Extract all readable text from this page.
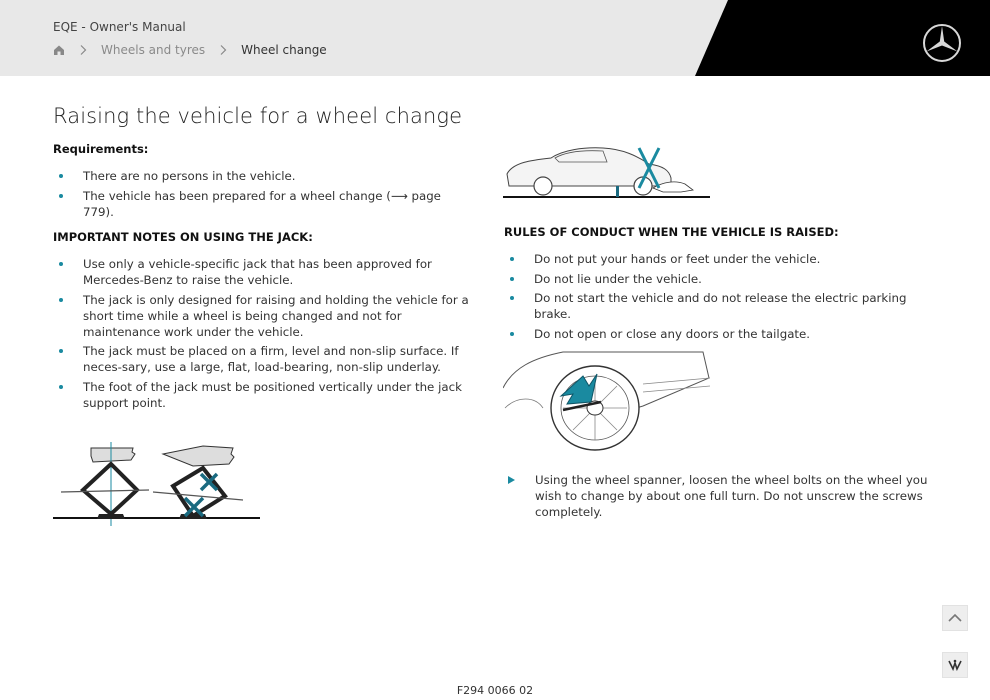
EQE - Owner's Manual
Wheels and tyres	Wheel change
Raising the vehicle for a wheel change
Requirements:
There are no persons in the vehicle.
The vehicle has been prepared for a wheel change (⟶ page 779).
IMPORTANT NOTES ON USING THE JACK:
Use only a vehicle-specific jack that has been approved for Mercedes-Benz to raise the vehicle.
The jack is only designed for raising and holding the vehicle for a short time while a wheel is being changed and not for maintenance work under the vehicle.
The jack must be placed on a firm, level and non-slip surface. If neces-sary, use a large, flat, load-bearing, non-slip underlay.
The foot of the jack must be positioned vertically under the jack support point.
RULES OF CONDUCT WHEN THE VEHICLE IS RAISED:
Do not put your hands or feet under the vehicle.
Do not lie under the vehicle.
Do not start the vehicle and do not release the electric parking brake.
Do not open or close any doors or the tailgate.
Using the wheel spanner, loosen the wheel bolts on the wheel you wish to change by about one full turn. Do not unscrew the screws completely.
F294 0066 02
